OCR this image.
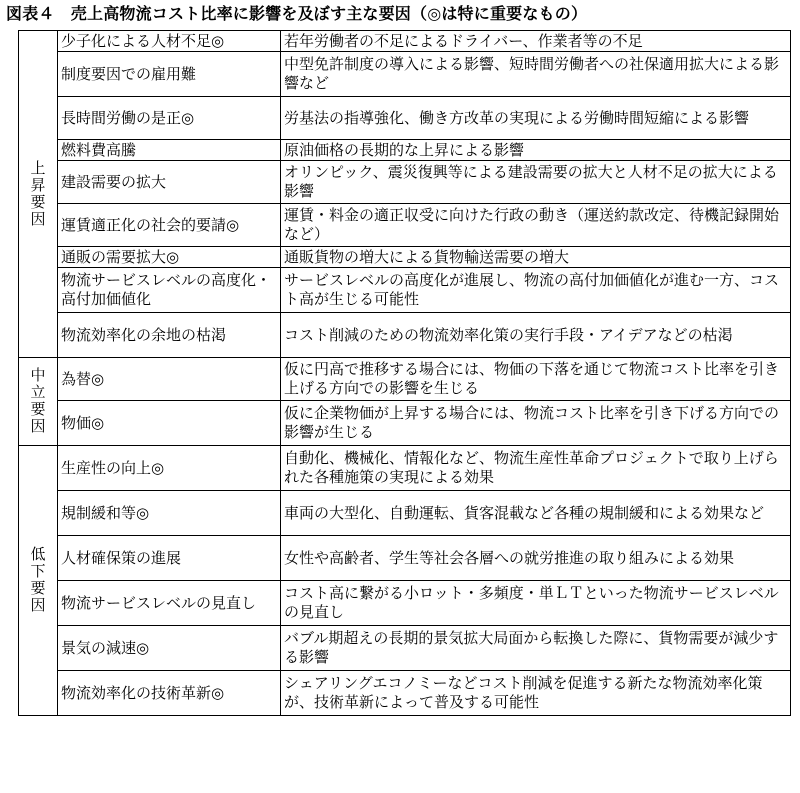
図表４　売上高物流コスト比率に影響を及ぼす主な要因（◎は特に重要なもの）
上
昇
要
因	少子化による人材不足◎	若年労働者の不足によるドライバー、作業者等の不足
	制度要因での雇用難	中型免許制度の導入による影響、短時間労働者への社保適用拡大による影響など
	長時間労働の是正◎	労基法の指導強化、働き方改革の実現による労働時間短縮による影響
	燃料費高騰	原油価格の長期的な上昇による影響
	建設需要の拡大	オリンピック、震災復興等による建設需要の拡大と人材不足の拡大による影響
	運賃適正化の社会的要請◎	運賃・料金の適正収受に向けた行政の動き（運送約款改定、待機記録開始など）
	通販の需要拡大◎	通販貨物の増大による貨物輸送需要の増大
	物流サービスレベルの高度化・高付加価値化	サービスレベルの高度化が進展し、物流の高付加価値化が進む一方、コスト高が生じる可能性
	物流効率化の余地の枯渇	コスト削減のための物流効率化策の実行手段・アイデアなどの枯渇

中
立
要
因	為替◎	仮に円高で推移する場合には、物価の下落を通じて物流コスト比率を引き上げる方向での影響を生じる
	物価◎	仮に企業物価が上昇する場合には、物流コスト比率を引き下げる方向での影響が生じる

低
下
要
因	生産性の向上◎	自動化、機械化、情報化など、物流生産性革命プロジェクトで取り上げられた各種施策の実現による効果
	規制緩和等◎	車両の大型化、自動運転、貨客混載など各種の規制緩和による効果など
	人材確保策の進展	女性や高齢者、学生等社会各層への就労推進の取り組みによる効果
	物流サービスレベルの見直し	コスト高に繋がる小ロット・多頻度・単ＬＴといった物流サービスレベルの見直し
	景気の減速◎	バブル期超えの長期的景気拡大局面から転換した際に、貨物需要が減少する影響
	物流効率化の技術革新◎	シェアリングエコノミーなどコスト削減を促進する新たな物流効率化策が、技術革新によって普及する可能性
